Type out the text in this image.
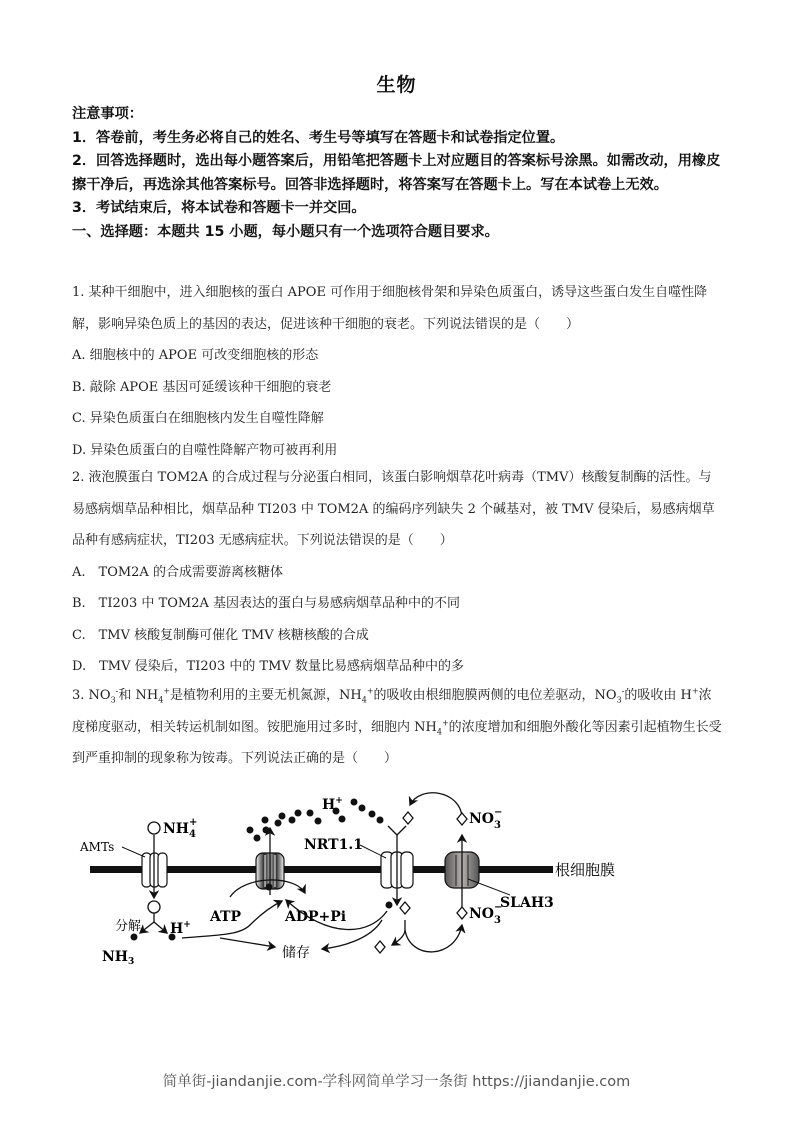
生物

注意事项：

1．答卷前，考生务必将自己的姓名、考生号等填写在答题卡和试卷指定位置。

2．回答选择题时，选出每小题答案后，用铅笔把答题卡上对应题目的答案标号涂黑。如需改动，用橡皮擦干净后，再选涂其他答案标号。回答非选择题时，将答案写在答题卡上。写在本试卷上无效。

3．考试结束后，将本试卷和答题卡一并交回。

一、选择题：本题共 15 小题，每小题只有一个选项符合题目要求。

1. 某种干细胞中，进入细胞核的蛋白 APOE 可作用于细胞核骨架和异染色质蛋白，诱导这些蛋白发生自噬性降解，影响异染色质上的基因的表达，促进该种干细胞的衰老。下列说法错误的是（　　）

A. 细胞核中的 APOE 可改变细胞核的形态

B. 敲除 APOE 基因可延缓该种干细胞的衰老

C. 异染色质蛋白在细胞核内发生自噬性降解

D. 异染色质蛋白的自噬性降解产物可被再利用

2. 液泡膜蛋白 TOM2A 的合成过程与分泌蛋白相同，该蛋白影响烟草花叶病毒（TMV）核酸复制酶的活性。与易感病烟草品种相比，烟草品种 TI203 中 TOM2A 的编码序列缺失 2 个碱基对，被 TMV 侵染后，易感病烟草品种有感病症状，TI203 无感病症状。下列说法错误的是（　　）

A.　TOM2A 的合成需要游离核糖体

B.　TI203 中 TOM2A 基因表达的蛋白与易感病烟草品种中的不同

C.　TMV 核酸复制酶可催化 TMV 核糖核酸的合成

D.　TMV 侵染后，TI203 中的 TMV 数量比易感病烟草品种中的多

3. $NO_3^-$和 $NH_4^+$是植物利用的主要无机氮源，$NH_4^+$的吸收由根细胞膜两侧的电位差驱动，$NO_3^-$的吸收由 H+浓度梯度驱动，相关转运机制如图。铵肥施用过多时，细胞内 $NH_4^+$的浓度增加和细胞外酸化等因素引起植物生长受到严重抑制的现象称为铵毒。下列说法正确的是（　　）

根细胞膜
AMTs
$NH_4+$
分解
$NH_3$
H+
储存
ATP	ADP+Pi
H+
NRT1.1
SLAH3
$NO_3-$
$NO_3-$
简单街-jiandanjie.com-学科网简单学习一条街 https://jiandanjie.com
